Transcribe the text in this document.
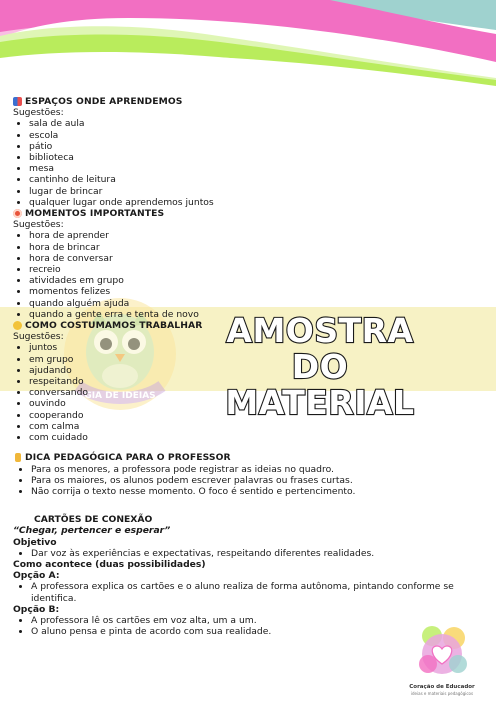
GIA DE IDEIAS
AMOSTRA DO
MATERIAL
ESPAÇOS ONDE APRENDEMOS
Sugestões:
• sala de aula
• escola
• pátio
• biblioteca
• mesa
• cantinho de leitura
• lugar de brincar
• qualquer lugar onde aprendemos juntos
MOMENTOS IMPORTANTES
Sugestões:
• hora de aprender
• hora de brincar
• hora de conversar
• recreio
• atividades em grupo
• momentos felizes
• quando alguém ajuda
• quando a gente erra e tenta de novo
COMO COSTUMAMOS TRABALHAR
Sugestões:
• juntos
• em grupo
• ajudando
• respeitando
• conversando
• ouvindo
• cooperando
• com calma
• com cuidado
DICA PEDAGÓGICA PARA O PROFESSOR
• Para os menores, a professora pode registrar as ideias no quadro.
• Para os maiores, os alunos podem escrever palavras ou frases curtas.
• Não corrija o texto nesse momento. O foco é sentido e pertencimento.
CARTÕES DE CONEXÃO
“Chegar, pertencer e esperar”
Objetivo
• Dar voz às experiências e expectativas, respeitando diferentes realidades.
Como acontece (duas possibilidades)
Opção A:
• A professora explica os cartões e o aluno realiza de forma autônoma, pintando conforme se identifica.
Opção B:
• A professora lê os cartões em voz alta, um a um.
• O aluno pensa e pinta de acordo com sua realidade.
Coração de Educador
ideias e materiais pedagógicos
